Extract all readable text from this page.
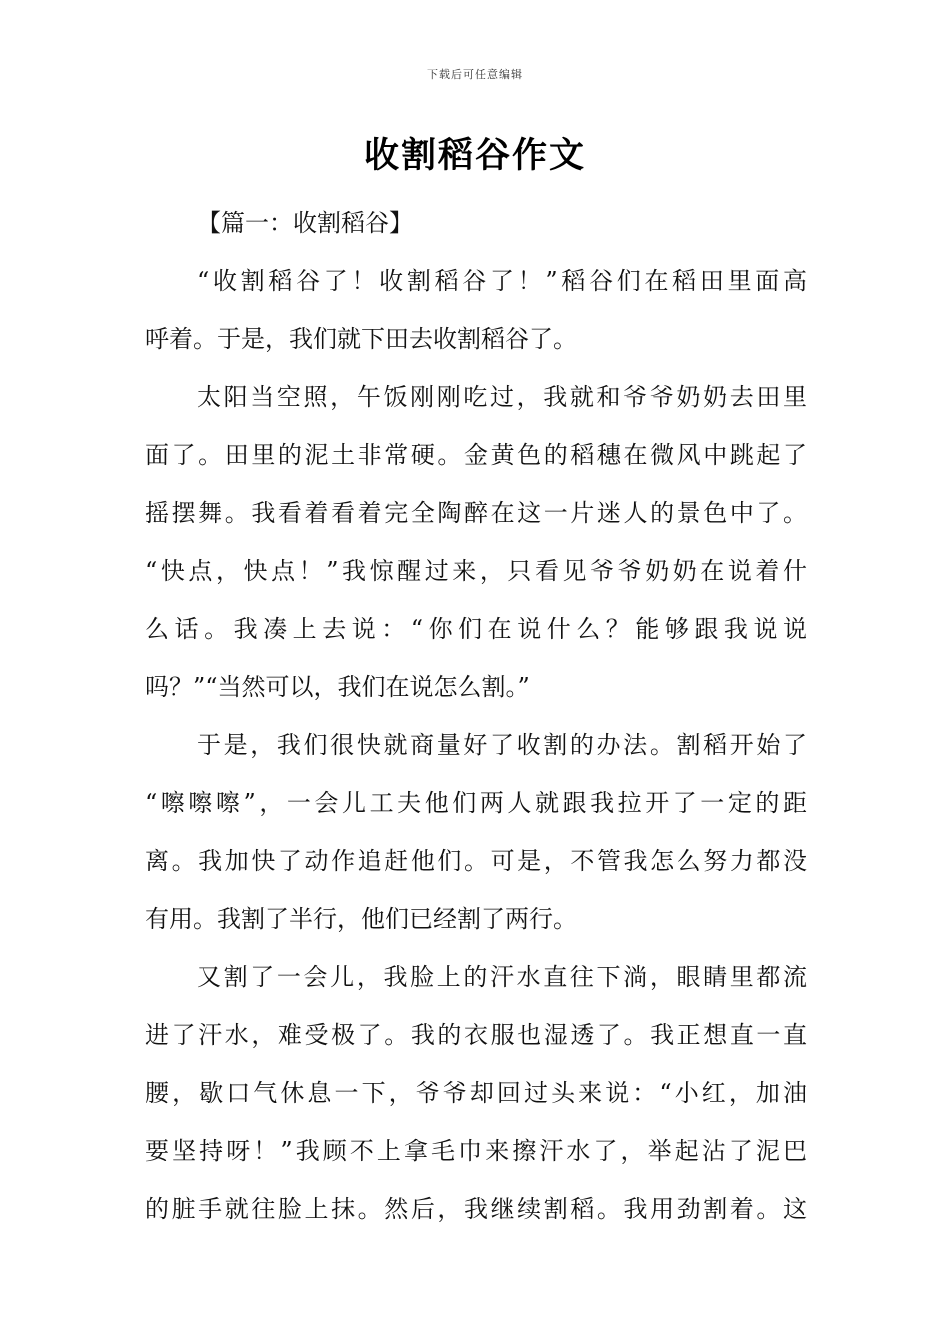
下载后可任意编辑
收割稻谷作文
【篇一：收割稻谷】
“收割稻谷了！收割稻谷了！”稻谷们在稻田里面高
呼着。于是，我们就下田去收割稻谷了。
太阳当空照，午饭刚刚吃过，我就和爷爷奶奶去田里
面了。田里的泥土非常硬。金黄色的稻穗在微风中跳起了
摇摆舞。我看着看着完全陶醉在这一片迷人的景色中了。
“快点，快点！”我惊醒过来，只看见爷爷奶奶在说着什
么话。我凑上去说：“你们在说什么？能够跟我说说
吗？”“当然可以，我们在说怎么割。”
于是，我们很快就商量好了收割的办法。割稻开始了
“嚓嚓嚓”，一会儿工夫他们两人就跟我拉开了一定的距
离。我加快了动作追赶他们。可是，不管我怎么努力都没
有用。我割了半行，他们已经割了两行。
又割了一会儿，我脸上的汗水直往下淌，眼睛里都流
进了汗水，难受极了。我的衣服也湿透了。我正想直一直
腰，歇口气休息一下，爷爷却回过头来说：“小红，加油
要坚持呀！”我顾不上拿毛巾来擦汗水了，举起沾了泥巴
的脏手就往脸上抹。然后，我继续割稻。我用劲割着。这
